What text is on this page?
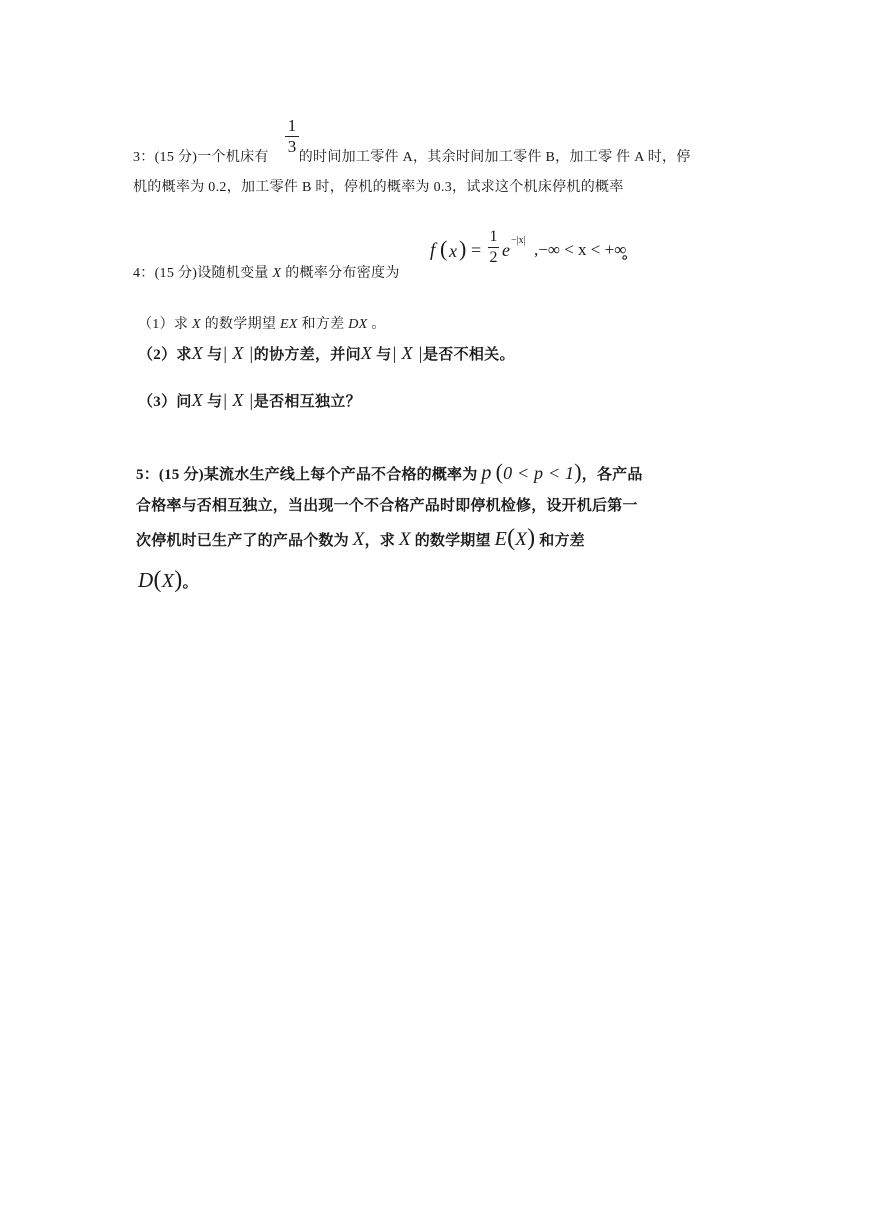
3：(15 分)一个机床有 的时间加工零件 A，其余时间加工零件 B，加工零 件 A 时，停
1
3
机的概率为 0.2，加工零件 B 时，停机的概率为 0.3，试求这个机床停机的概率
4：(15 分)设随机变量 X 的概率分布密度为
f ( x ) =
1
2 e −|x| ,−∞ < x < +∞
。
（1）求 X 的数学期望 EX 和方差 DX 。
（2）求X 与| X |的协方差，并问X 与| X |是否不相关。
（3）问X 与| X |是否相互独立？
5：(15 分)某流水生产线上每个产品不合格的概率为 p (0 < p < 1)，各产品
合格率与否相互独立，当出现一个不合格产品时即停机检修，设开机后第一
次停机时已生产了的产品个数为 X，求 X 的数学期望 E(X) 和方差
D(X)。
